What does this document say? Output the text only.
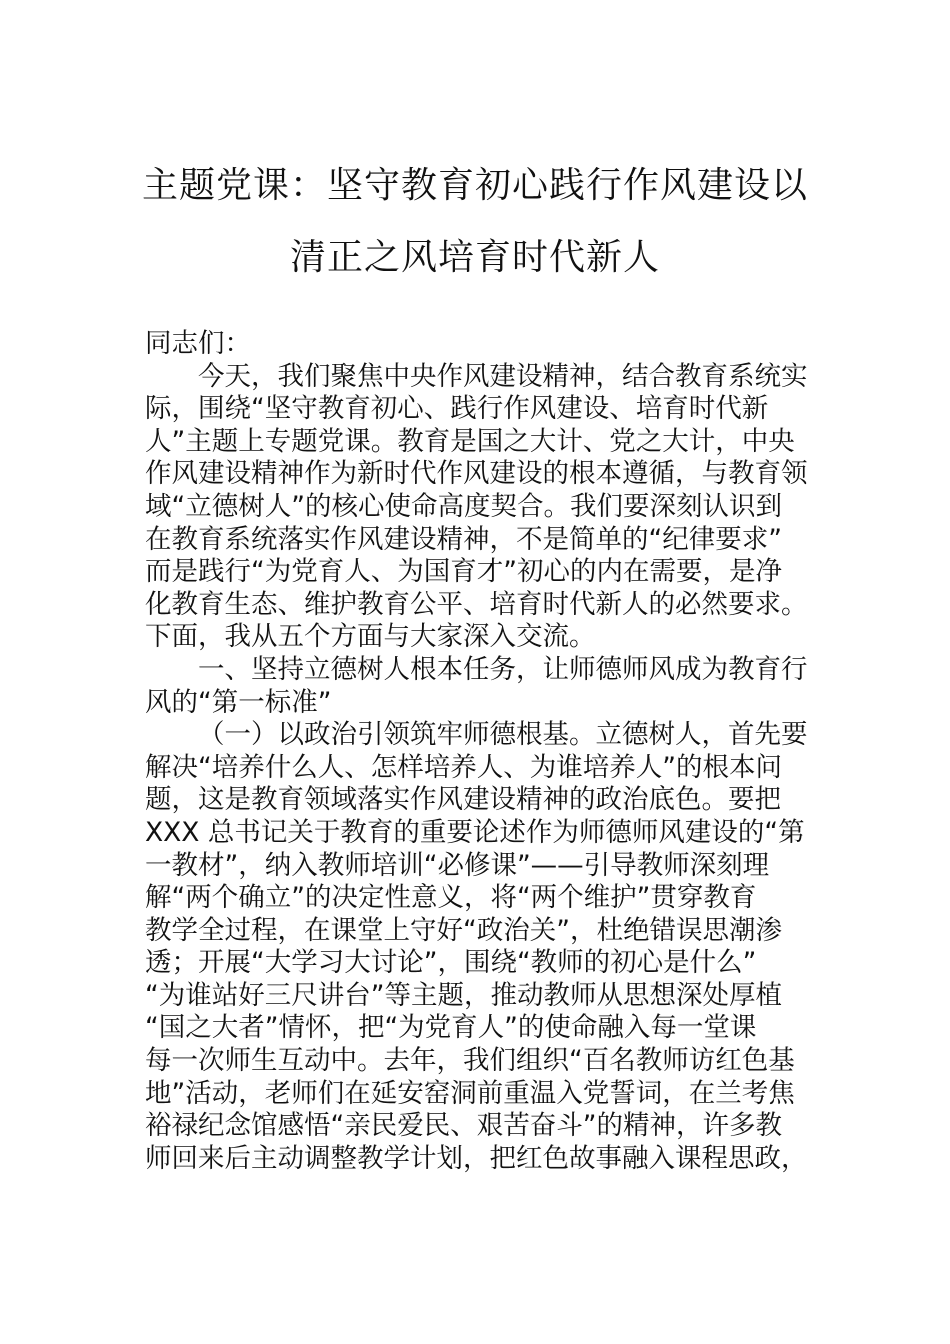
主题党课：坚守教育初心践行作风建设以
清正之风培育时代新人
同志们：
今天，我们聚焦中央作风建设精神，结合教育系统实
际，围绕“坚守教育初心、践行作风建设、培育时代新
人”主题上专题党课。教育是国之大计、党之大计，中央
作风建设精神作为新时代作风建设的根本遵循，与教育领
域“立德树人”的核心使命高度契合。我们要深刻认识到
在教育系统落实作风建设精神，不是简单的“纪律要求”
而是践行“为党育人、为国育才”初心的内在需要，是净
化教育生态、维护教育公平、培育时代新人的必然要求。
下面，我从五个方面与大家深入交流。
一、坚持立德树人根本任务，让师德师风成为教育行
风的“第一标准”
（一）以政治引领筑牢师德根基。立德树人，首先要
解决“培养什么人、怎样培养人、为谁培养人”的根本问
题，这是教育领域落实作风建设精神的政治底色。要把
XXX 总书记关于教育的重要论述作为师德师风建设的“第
一教材”，纳入教师培训“必修课”——引导教师深刻理
解“两个确立”的决定性意义，将“两个维护”贯穿教育
教学全过程，在课堂上守好“政治关”，杜绝错误思潮渗
透；开展“大学习大讨论”，围绕“教师的初心是什么”
“为谁站好三尺讲台”等主题，推动教师从思想深处厚植
“国之大者”情怀，把“为党育人”的使命融入每一堂课
每一次师生互动中。去年，我们组织“百名教师访红色基
地”活动，老师们在延安窑洞前重温入党誓词，在兰考焦
裕禄纪念馆感悟“亲民爱民、艰苦奋斗”的精神，许多教
师回来后主动调整教学计划，把红色故事融入课程思政，
